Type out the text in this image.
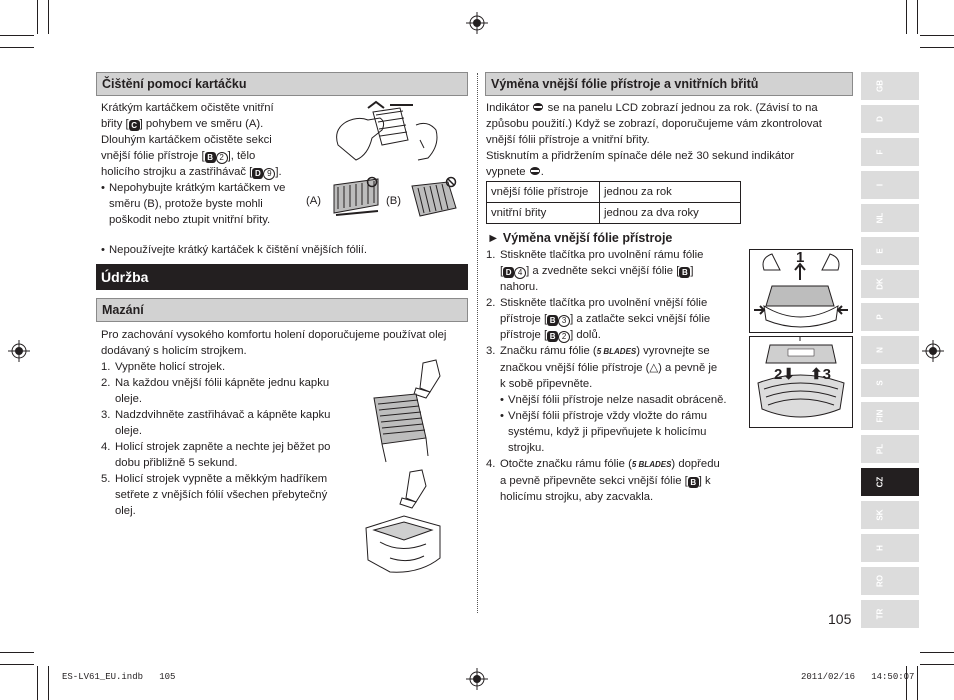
Čištění pomocí kartáčku
Krátkým kartáčkem očistěte vnitřní
břity [ C ] pohybem ve směru (A).
Dlouhým kartáčkem očistěte sekci
vnější fólie přístroje [ B 2 ], tělo
holicího strojku a zastřihávač [ D 9 ].
• Nepohybujte krátkým kartáčkem ve
směru (B), protože byste mohli
poškodit nebo ztupit vnitřní břity.
(A)	(B)
• Nepoužívejte krátký kartáček k čištění vnějších fólií.
Údržba
Mazání
Pro zachování vysokého komfortu holení doporučujeme používat olej
dodávaný s holicím strojkem.
1. Vypněte holicí strojek.
2. Na každou vnější fólii kápněte jednu kapku
oleje.
3. Nadzdvihněte zastřihávač a kápněte kapku
oleje.
4. Holicí strojek zapněte a nechte jej běžet po
dobu přibližně 5 sekund.
5. Holicí strojek vypněte a měkkým hadříkem
setřete z vnějších fólií všechen přebytečný
olej.
Výměna vnější fólie přístroje a vnitřních břitů
Indikátor se na panelu LCD zobrazí jednou za rok. (Závisí to na
způsobu použití.) Když se zobrazí, doporučujeme vám zkontrolovat
vnější fólii přístroje a vnitřní břity.
Stisknutím a přidržením spínače déle než 30 sekund indikátor
vypnete .
vnější fólie přístroje	jednou za rok
vnitřní břity	jednou za dva roky
► Výměna vnější fólie přístroje
1. Stiskněte tlačítka pro uvolnění rámu fólie
[ D 4 ] a zvedněte sekci vnější fólie [ B ]
nahoru.
2. Stiskněte tlačítka pro uvolnění vnější fólie
přístroje [ B 3 ] a zatlačte sekci vnější fólie
přístroje [ B 2 ] dolů.
3. Značku rámu fólie (5 BLADES) vyrovnejte se
značkou vnější fólie přístroje (△) a pevně je
k sobě připevněte.
• Vnější fólii přístroje nelze nasadit obráceně.
• Vnější fólii přístroje vždy vložte do rámu
systému, když ji připevňujete k holicímu
strojku.
4. Otočte značku rámu fólie (5 BLADES) dopředu
a pevně připevněte sekci vnější fólie [ B ] k
holicímu strojku, aby zacvakla.
1
2⬇ ⬆3
105
GB
D
F
I
NL
E
DK
P
N
S
FIN
PL
CZ
SK
H
RO
TR
ES-LV61_EU.indb   105	2011/02/16   14:50:07
